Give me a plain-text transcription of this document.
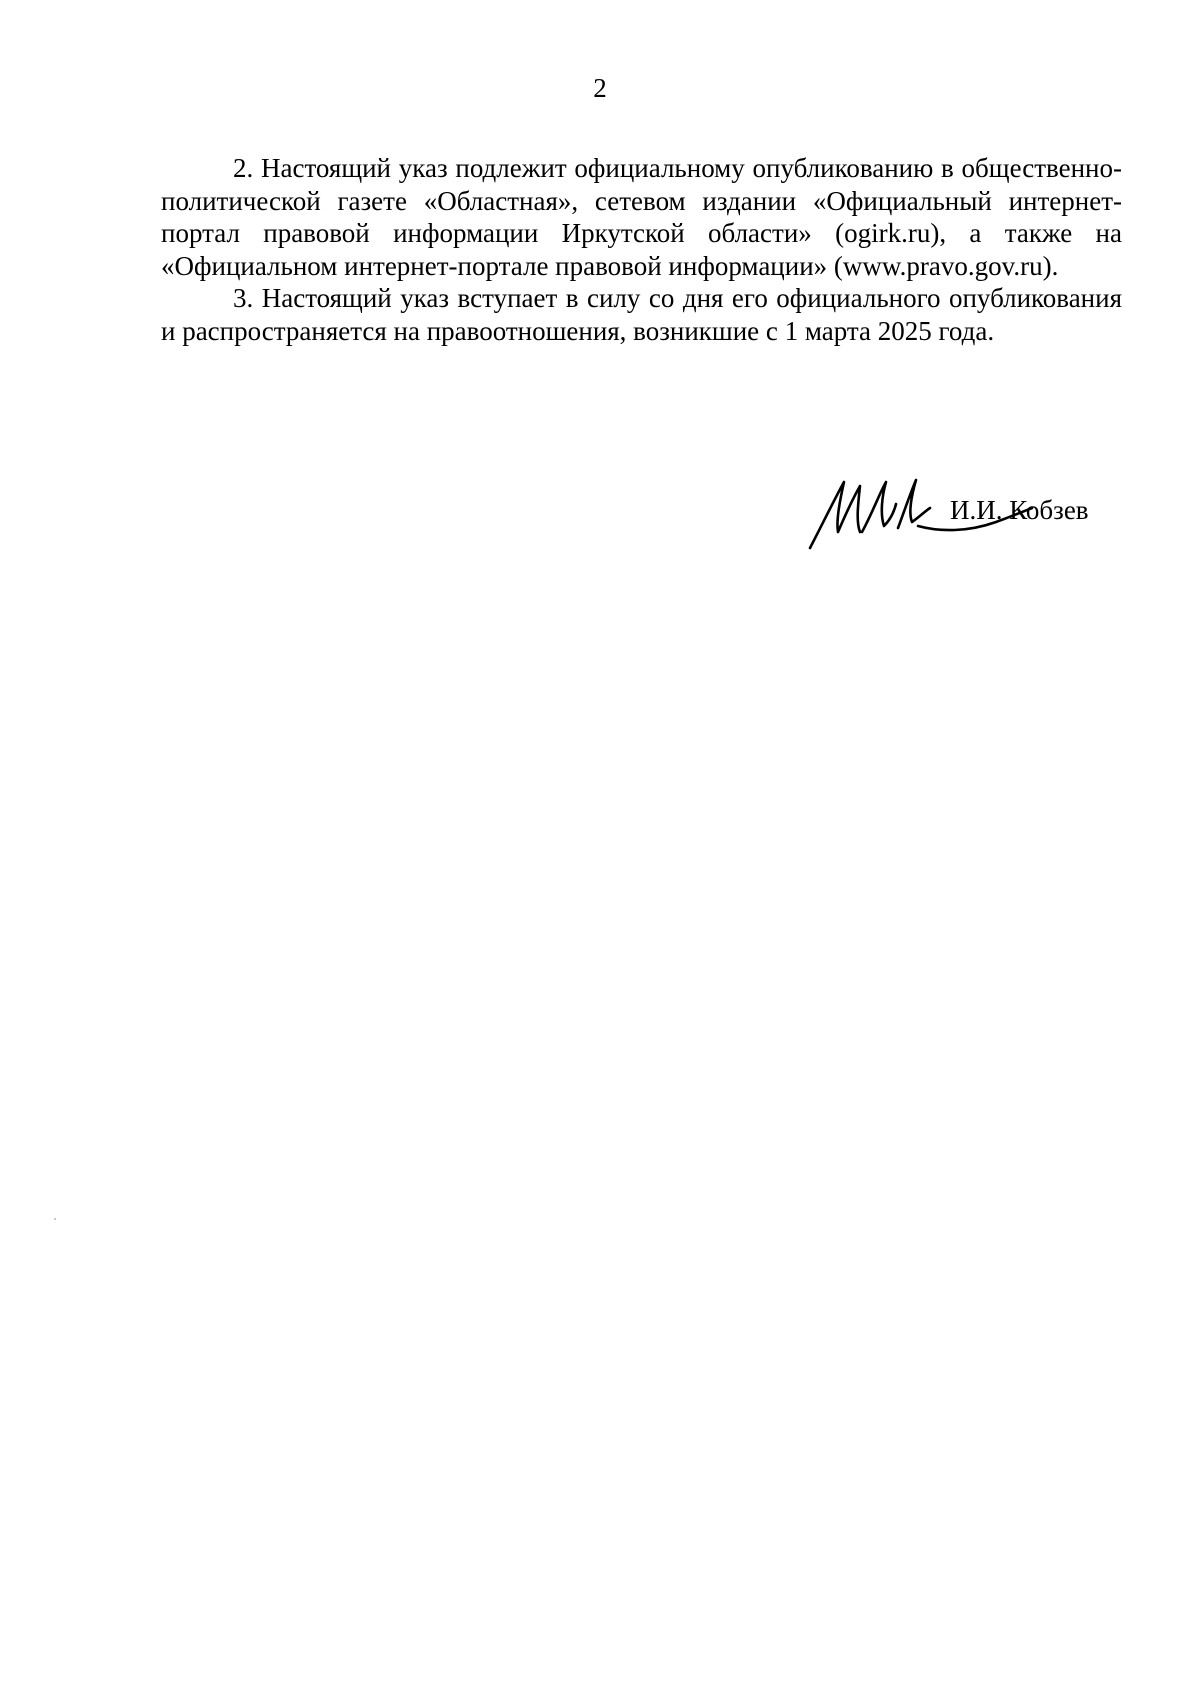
2

2. Настоящий указ подлежит официальному опубликованию в общественно-политической газете «Областная», сетевом издании «Официальный интернет-портал правовой информации Иркутской области» (ogirk.ru), а также на «Официальном интернет-портале правовой информации» (www.pravo.gov.ru).

3. Настоящий указ вступает в силу со дня его официального опубликования и распространяется на правоотношения, возникшие с 1 марта 2025 года.

И.И. Кобзев
